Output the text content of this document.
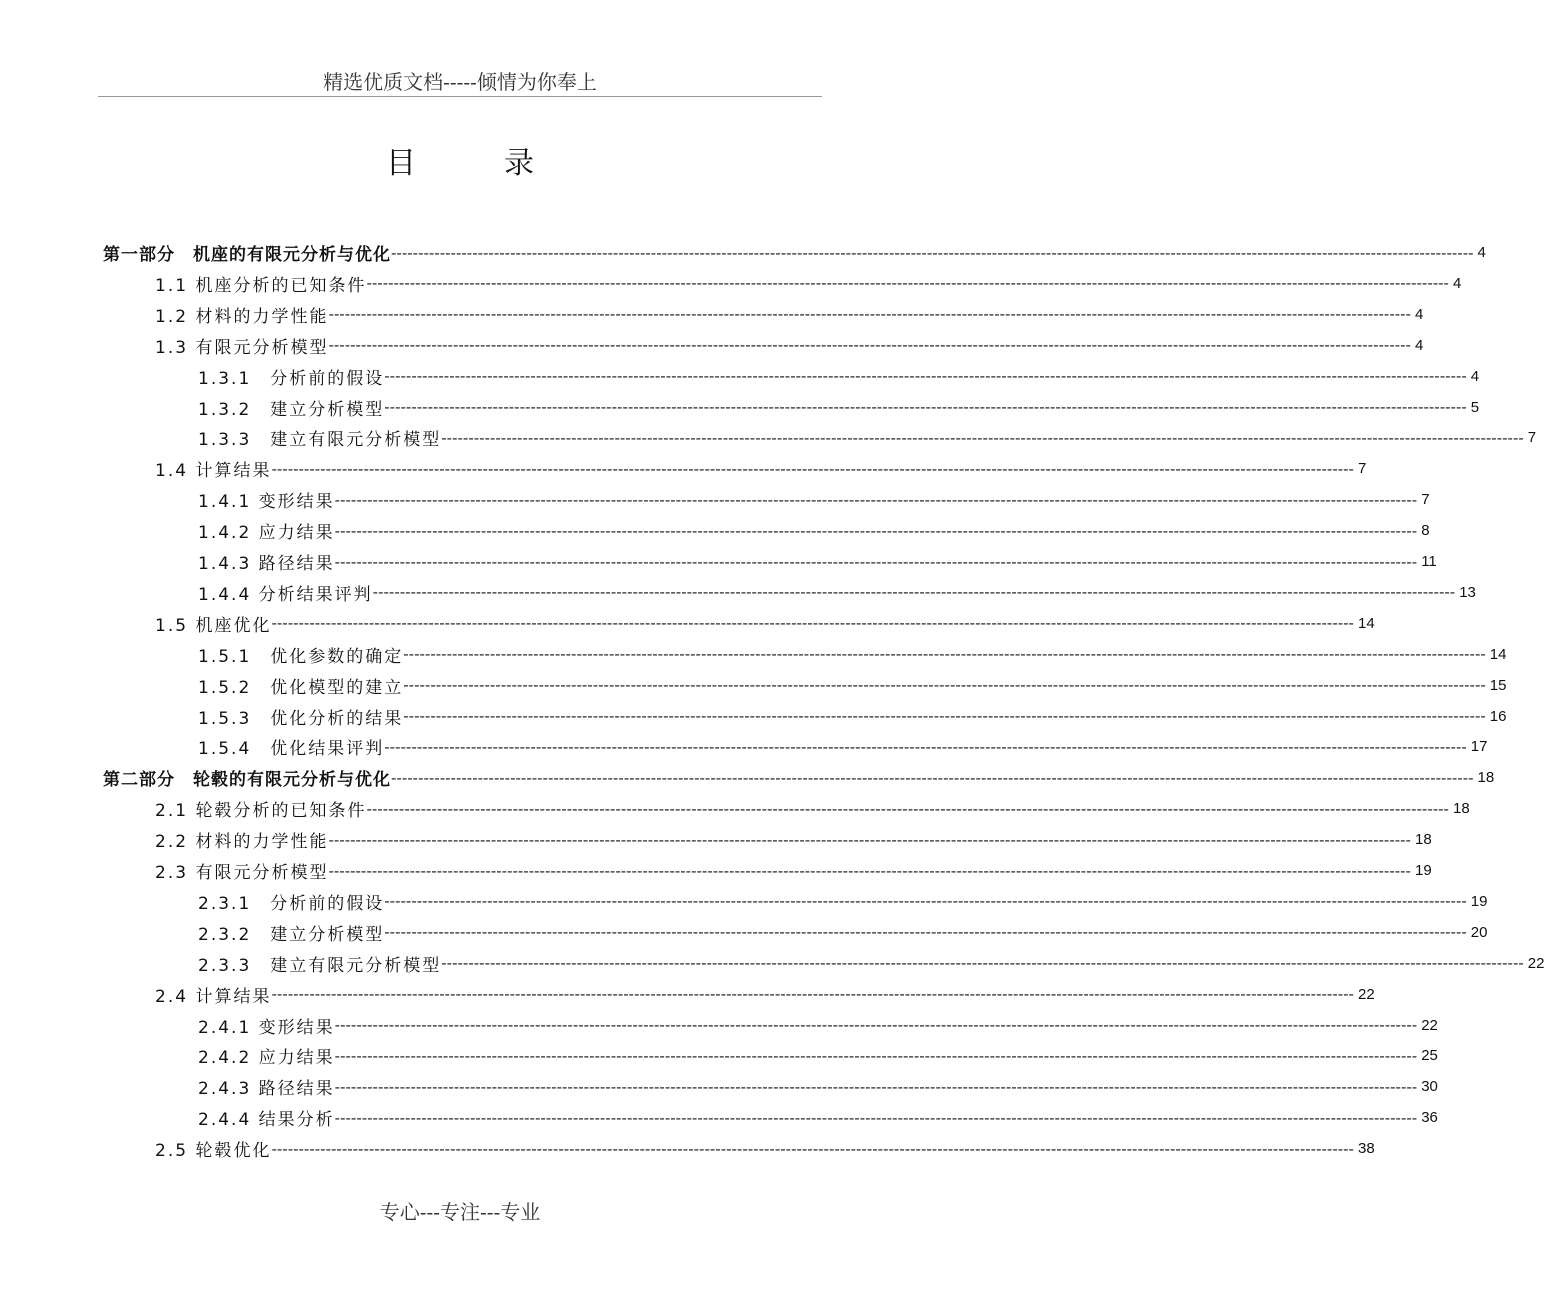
精选优质文档-----倾情为你奉上
目录
第一部分　机座的有限元分析与优化 -------------------------------------------------------------------------------------------------------------------------------------------------------------------------------------------------------- 4
1.1 机座分析的已知条件 -------------------------------------------------------------------------------------------------------------------------------------------------------------------------------------------------------- 4
1.2 材料的力学性能 -------------------------------------------------------------------------------------------------------------------------------------------------------------------------------------------------------- 4
1.3 有限元分析模型 -------------------------------------------------------------------------------------------------------------------------------------------------------------------------------------------------------- 4
1.3.1　分析前的假设 -------------------------------------------------------------------------------------------------------------------------------------------------------------------------------------------------------- 4
1.3.2　建立分析模型 -------------------------------------------------------------------------------------------------------------------------------------------------------------------------------------------------------- 5
1.3.3　建立有限元分析模型 -------------------------------------------------------------------------------------------------------------------------------------------------------------------------------------------------------- 7
1.4 计算结果 -------------------------------------------------------------------------------------------------------------------------------------------------------------------------------------------------------- 7
1.4.1 变形结果 -------------------------------------------------------------------------------------------------------------------------------------------------------------------------------------------------------- 7
1.4.2 应力结果 -------------------------------------------------------------------------------------------------------------------------------------------------------------------------------------------------------- 8
1.4.3 路径结果 -------------------------------------------------------------------------------------------------------------------------------------------------------------------------------------------------------- 11
1.4.4 分析结果评判 -------------------------------------------------------------------------------------------------------------------------------------------------------------------------------------------------------- 13
1.5 机座优化 -------------------------------------------------------------------------------------------------------------------------------------------------------------------------------------------------------- 14
1.5.1　优化参数的确定 -------------------------------------------------------------------------------------------------------------------------------------------------------------------------------------------------------- 14
1.5.2　优化模型的建立 -------------------------------------------------------------------------------------------------------------------------------------------------------------------------------------------------------- 15
1.5.3　优化分析的结果 -------------------------------------------------------------------------------------------------------------------------------------------------------------------------------------------------------- 16
1.5.4　优化结果评判 -------------------------------------------------------------------------------------------------------------------------------------------------------------------------------------------------------- 17
第二部分　轮毂的有限元分析与优化 -------------------------------------------------------------------------------------------------------------------------------------------------------------------------------------------------------- 18
2.1 轮毂分析的已知条件 -------------------------------------------------------------------------------------------------------------------------------------------------------------------------------------------------------- 18
2.2 材料的力学性能 -------------------------------------------------------------------------------------------------------------------------------------------------------------------------------------------------------- 18
2.3 有限元分析模型 -------------------------------------------------------------------------------------------------------------------------------------------------------------------------------------------------------- 19
2.3.1　分析前的假设 -------------------------------------------------------------------------------------------------------------------------------------------------------------------------------------------------------- 19
2.3.2　建立分析模型 -------------------------------------------------------------------------------------------------------------------------------------------------------------------------------------------------------- 20
2.3.3　建立有限元分析模型 -------------------------------------------------------------------------------------------------------------------------------------------------------------------------------------------------------- 22
2.4 计算结果 -------------------------------------------------------------------------------------------------------------------------------------------------------------------------------------------------------- 22
2.4.1 变形结果 -------------------------------------------------------------------------------------------------------------------------------------------------------------------------------------------------------- 22
2.4.2 应力结果 -------------------------------------------------------------------------------------------------------------------------------------------------------------------------------------------------------- 25
2.4.3 路径结果 -------------------------------------------------------------------------------------------------------------------------------------------------------------------------------------------------------- 30
2.4.4 结果分析 -------------------------------------------------------------------------------------------------------------------------------------------------------------------------------------------------------- 36
2.5 轮毂优化 -------------------------------------------------------------------------------------------------------------------------------------------------------------------------------------------------------- 38
专心---专注---专业
